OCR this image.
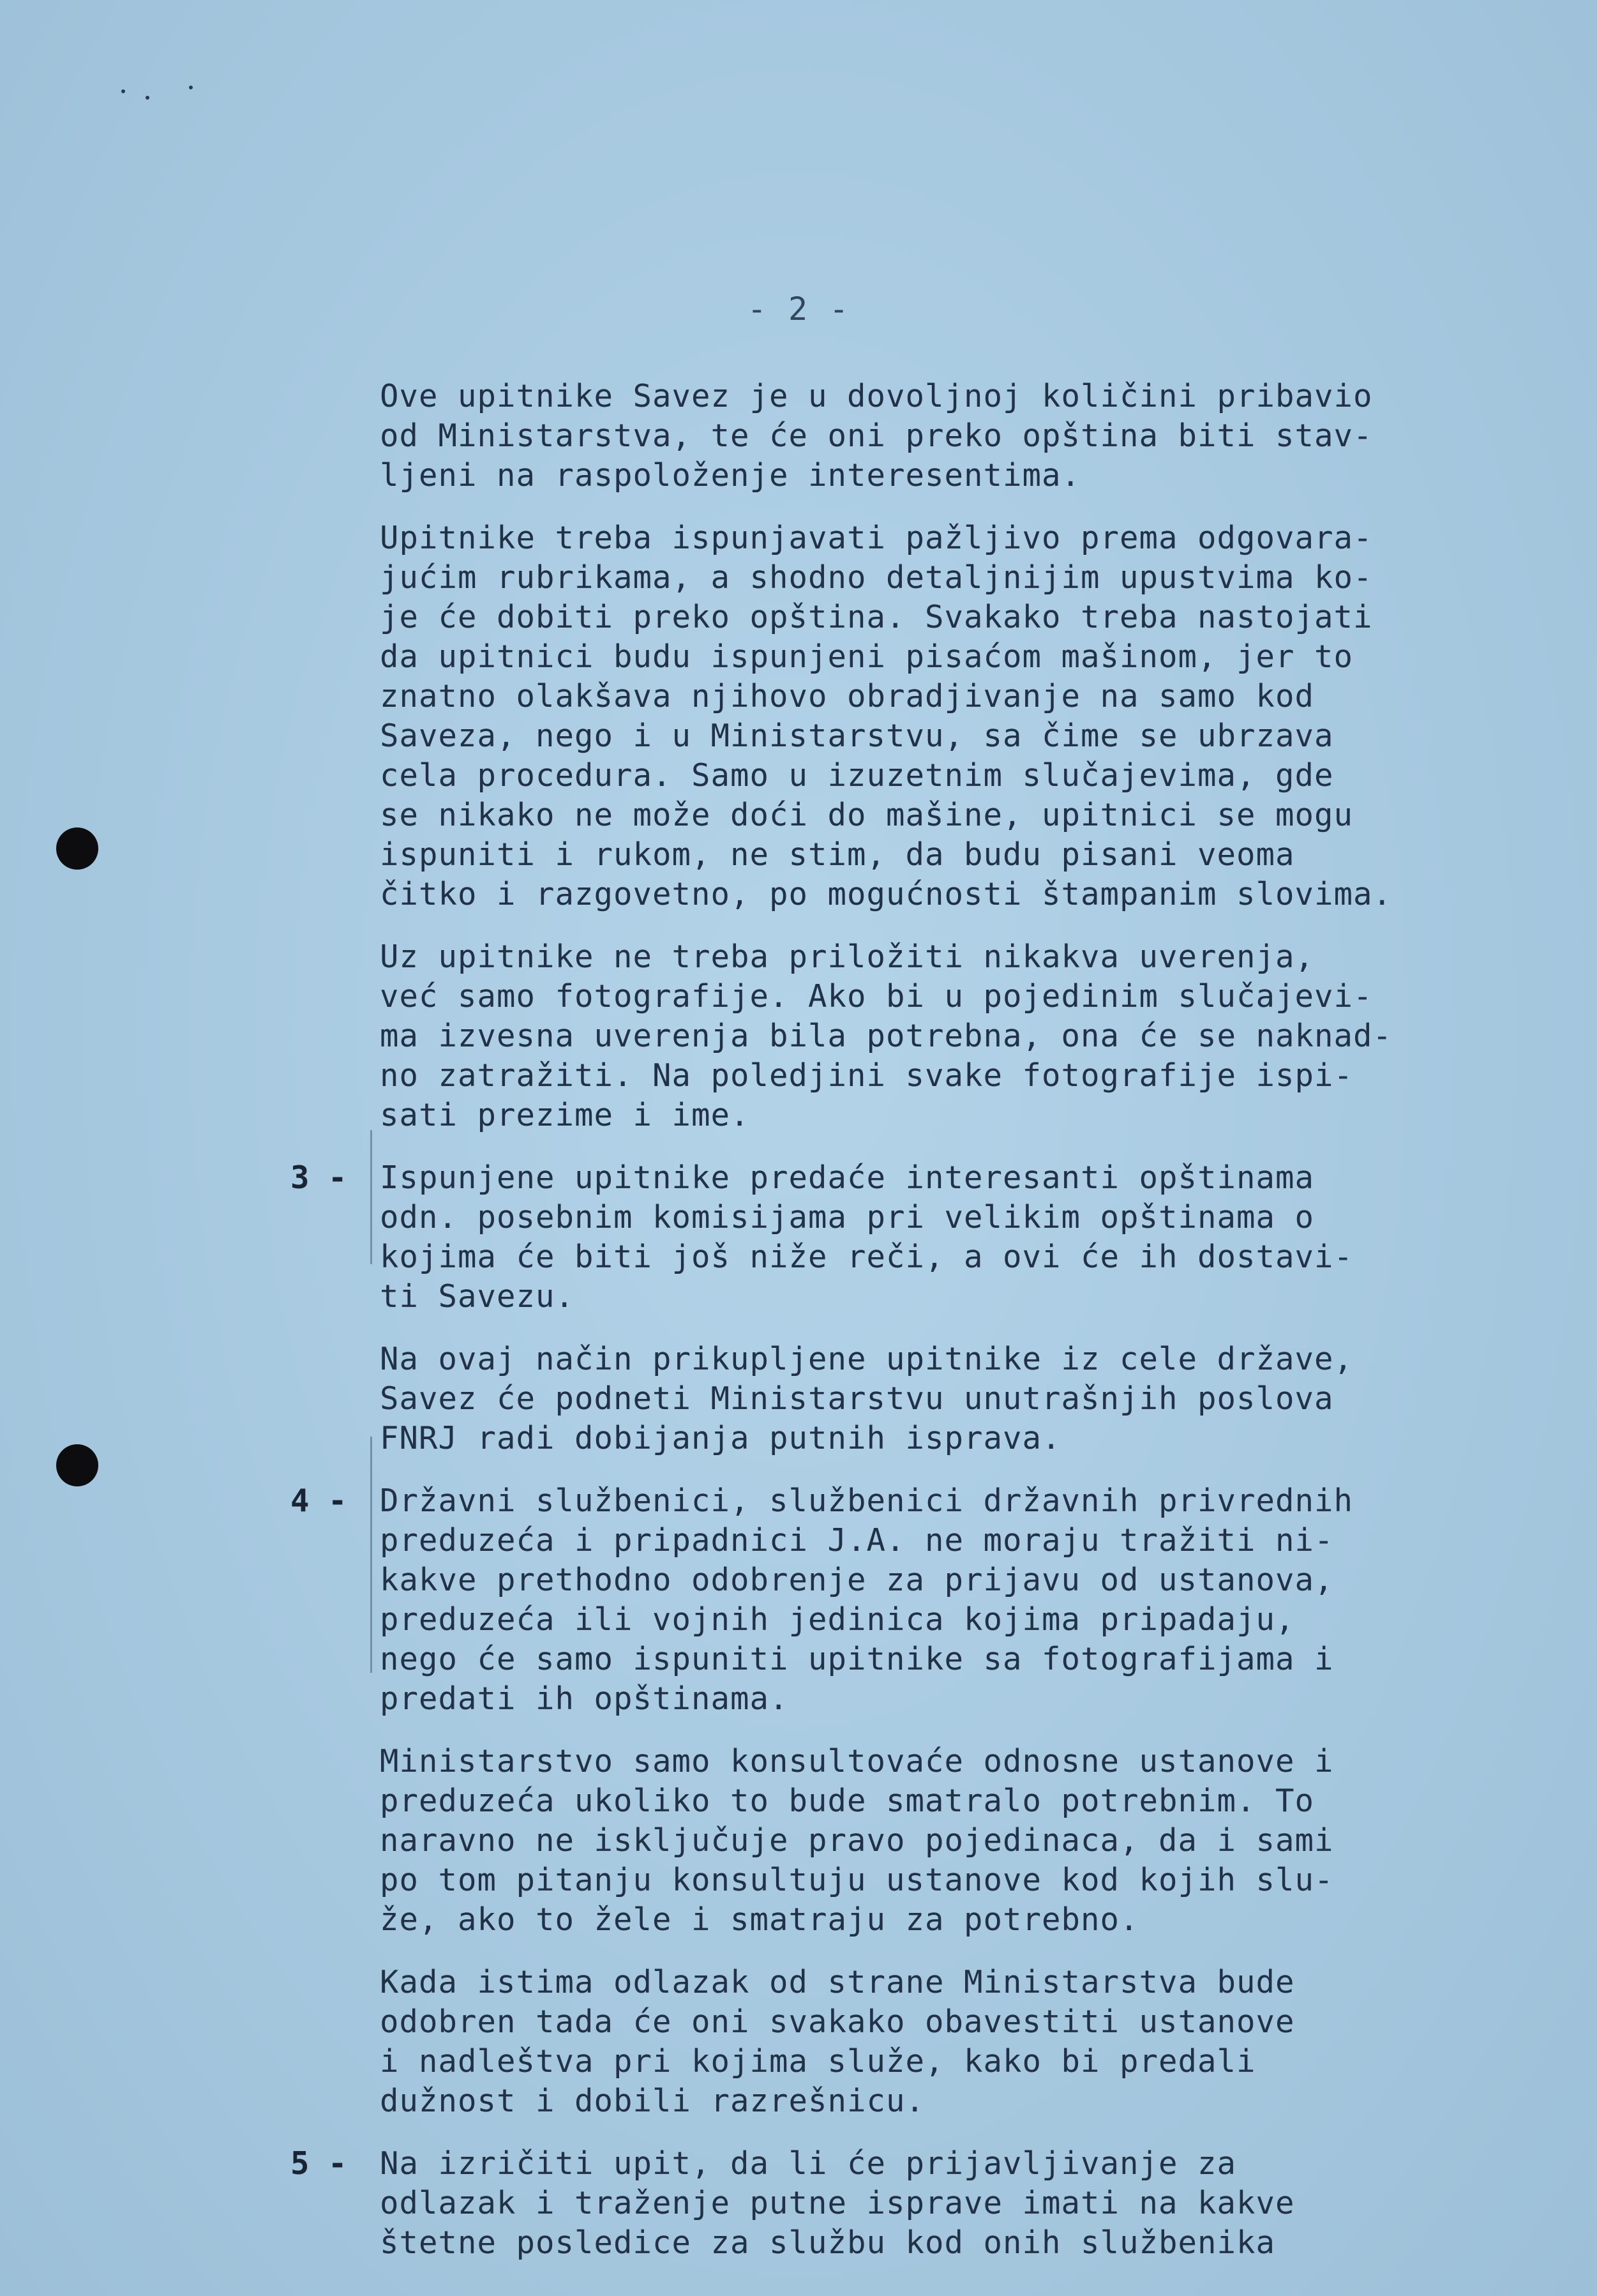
- 2 -

Ove upitnike Savez je u dovoljnoj količini pribavio
od Ministarstva, te će oni preko opština biti stav-
ljeni na raspoloženje interesentima.

Upitnike treba ispunjavati pažljivo prema odgovara-
jućim rubrikama, a shodno detaljnijim upustvima ko-
je će dobiti preko opština. Svakako treba nastojati
da upitnici budu ispunjeni pisaćom mašinom, jer to
znatno olakšava njihovo obradjivanje na samo kod
Saveza, nego i u Ministarstvu, sa čime se ubrzava
cela procedura. Samo u izuzetnim slučajevima, gde
se nikako ne može doći do mašine, upitnici se mogu
ispuniti i rukom, ne stim, da budu pisani veoma
čitko i razgovetno, po mogućnosti štampanim slovima.

Uz upitnike ne treba priložiti nikakva uverenja,
već samo fotografije. Ako bi u pojedinim slučajevi-
ma izvesna uverenja bila potrebna, ona će se naknad-
no zatražiti. Na poledjini svake fotografije ispi-
sati prezime i ime.

3 - Ispunjene upitnike predaće interesanti opštinama
odn. posebnim komisijama pri velikim opštinama o
kojima će biti još niže reči, a ovi će ih dostavi-
ti Savezu.

Na ovaj način prikupljene upitnike iz cele države,
Savez će podneti Ministarstvu unutrašnjih poslova
FNRJ radi dobijanja putnih isprava.

4 - Državni službenici, službenici državnih privrednih
preduzeća i pripadnici J.A. ne moraju tražiti ni-
kakve prethodno odobrenje za prijavu od ustanova,
preduzeća ili vojnih jedinica kojima pripadaju,
nego će samo ispuniti upitnike sa fotografijama i
predati ih opštinama.

Ministarstvo samo konsultovaće odnosne ustanove i
preduzeća ukoliko to bude smatralo potrebnim. To
naravno ne isključuje pravo pojedinaca, da i sami
po tom pitanju konsultuju ustanove kod kojih slu-
že, ako to žele i smatraju za potrebno.

Kada istima odlazak od strane Ministarstva bude
odobren tada će oni svakako obavestiti ustanove
i nadleštva pri kojima služe, kako bi predali
dužnost i dobili razrešnicu.

5 - Na izričiti upit, da li će prijavljivanje za
odlazak i traženje putne isprave imati na kakve
štetne posledice za službu kod onih službenika
